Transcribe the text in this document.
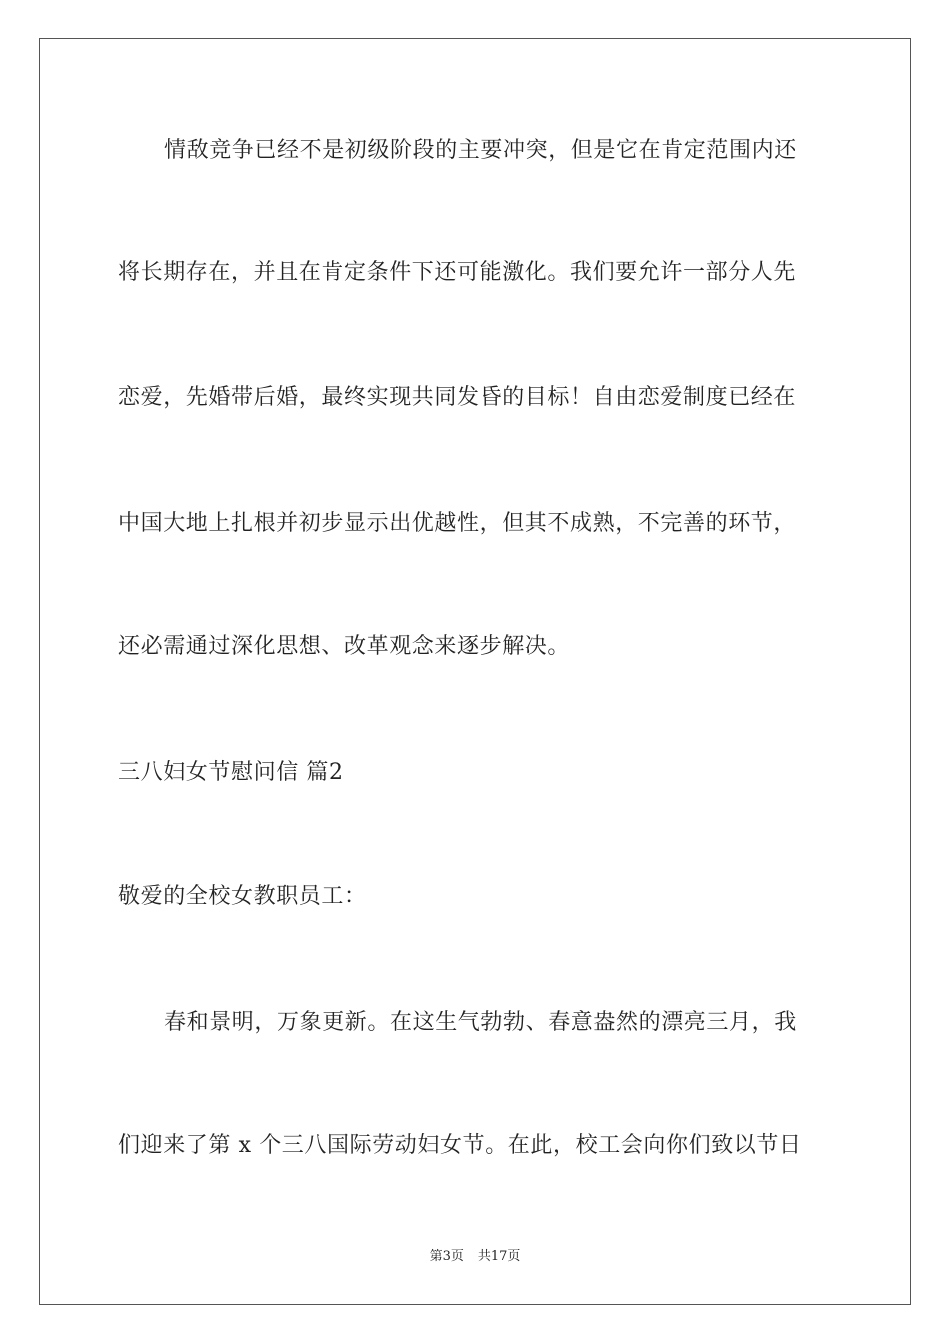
情敌竞争已经不是初级阶段的主要冲突，但是它在肯定范围内还
将长期存在，并且在肯定条件下还可能激化。我们要允许一部分人先
恋爱，先婚带后婚，最终实现共同发昏的目标！自由恋爱制度已经在
中国大地上扎根并初步显示出优越性，但其不成熟，不完善的环节，
还必需通过深化思想、改革观念来逐步解决。
三八妇女节慰问信 篇2
敬爱的全校女教职员工：
春和景明，万象更新。在这生气勃勃、春意盎然的漂亮三月，我
们迎来了第 x 个三八国际劳动妇女节。在此，校工会向你们致以节日
第3页 共17页
